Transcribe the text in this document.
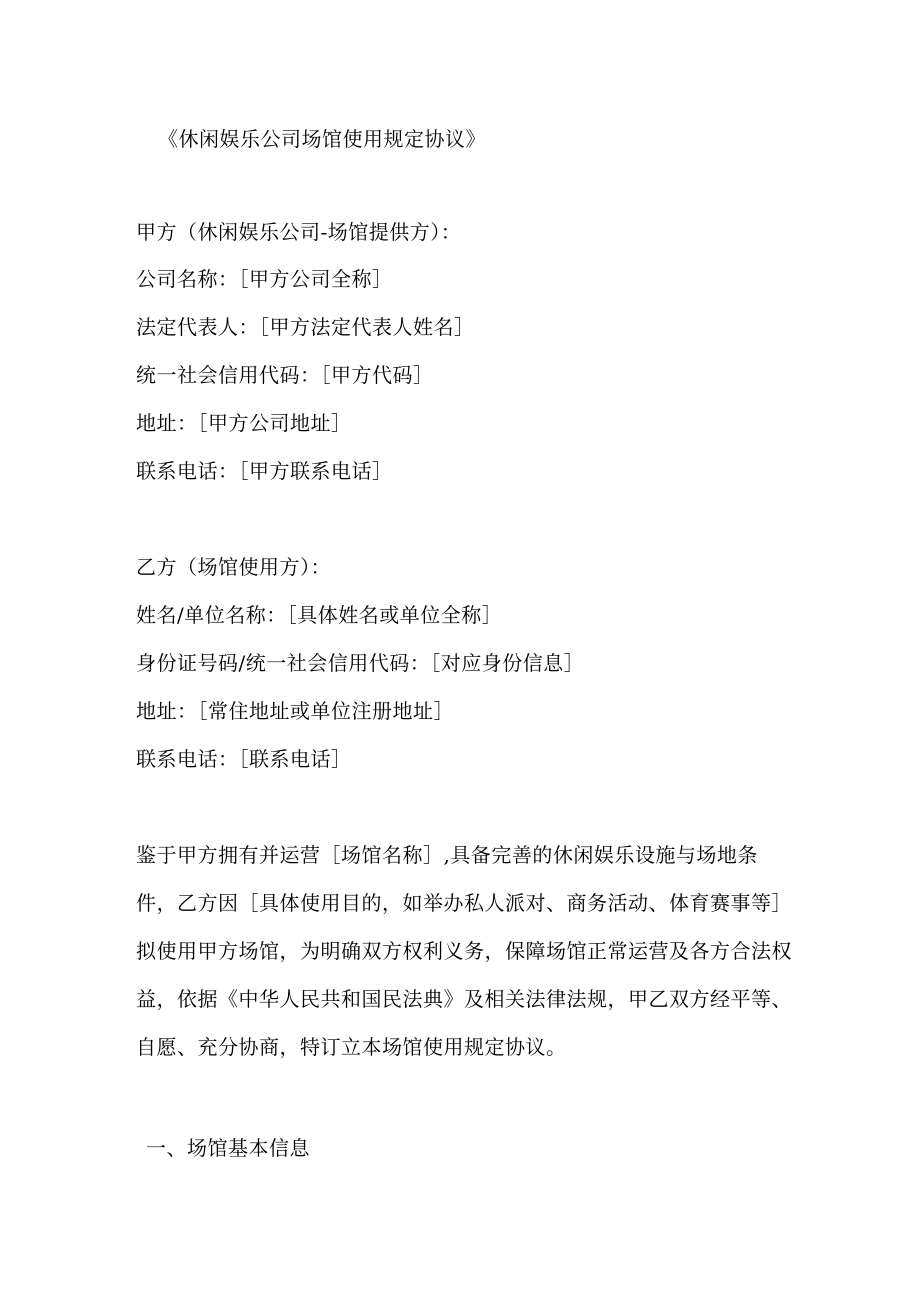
《休闲娱乐公司场馆使用规定协议》
甲方（休闲娱乐公司-场馆提供方）：
公司名称：［甲方公司全称］
法定代表人：［甲方法定代表人姓名］
统一社会信用代码：［甲方代码］
地址：［甲方公司地址］
联系电话：［甲方联系电话］
乙方（场馆使用方）：
姓名/单位名称：［具体姓名或单位全称］
身份证号码/统一社会信用代码：［对应身份信息］
地址：［常住地址或单位注册地址］
联系电话：［联系电话］
鉴于甲方拥有并运营［场馆名称］,具备完善的休闲娱乐设施与场地条
件，乙方因［具体使用目的，如举办私人派对、商务活动、体育赛事等］
拟使用甲方场馆，为明确双方权利义务，保障场馆正常运营及各方合法权
益，依据《中华人民共和国民法典》及相关法律法规，甲乙双方经平等、
自愿、充分协商，特订立本场馆使用规定协议。
一、场馆基本信息
